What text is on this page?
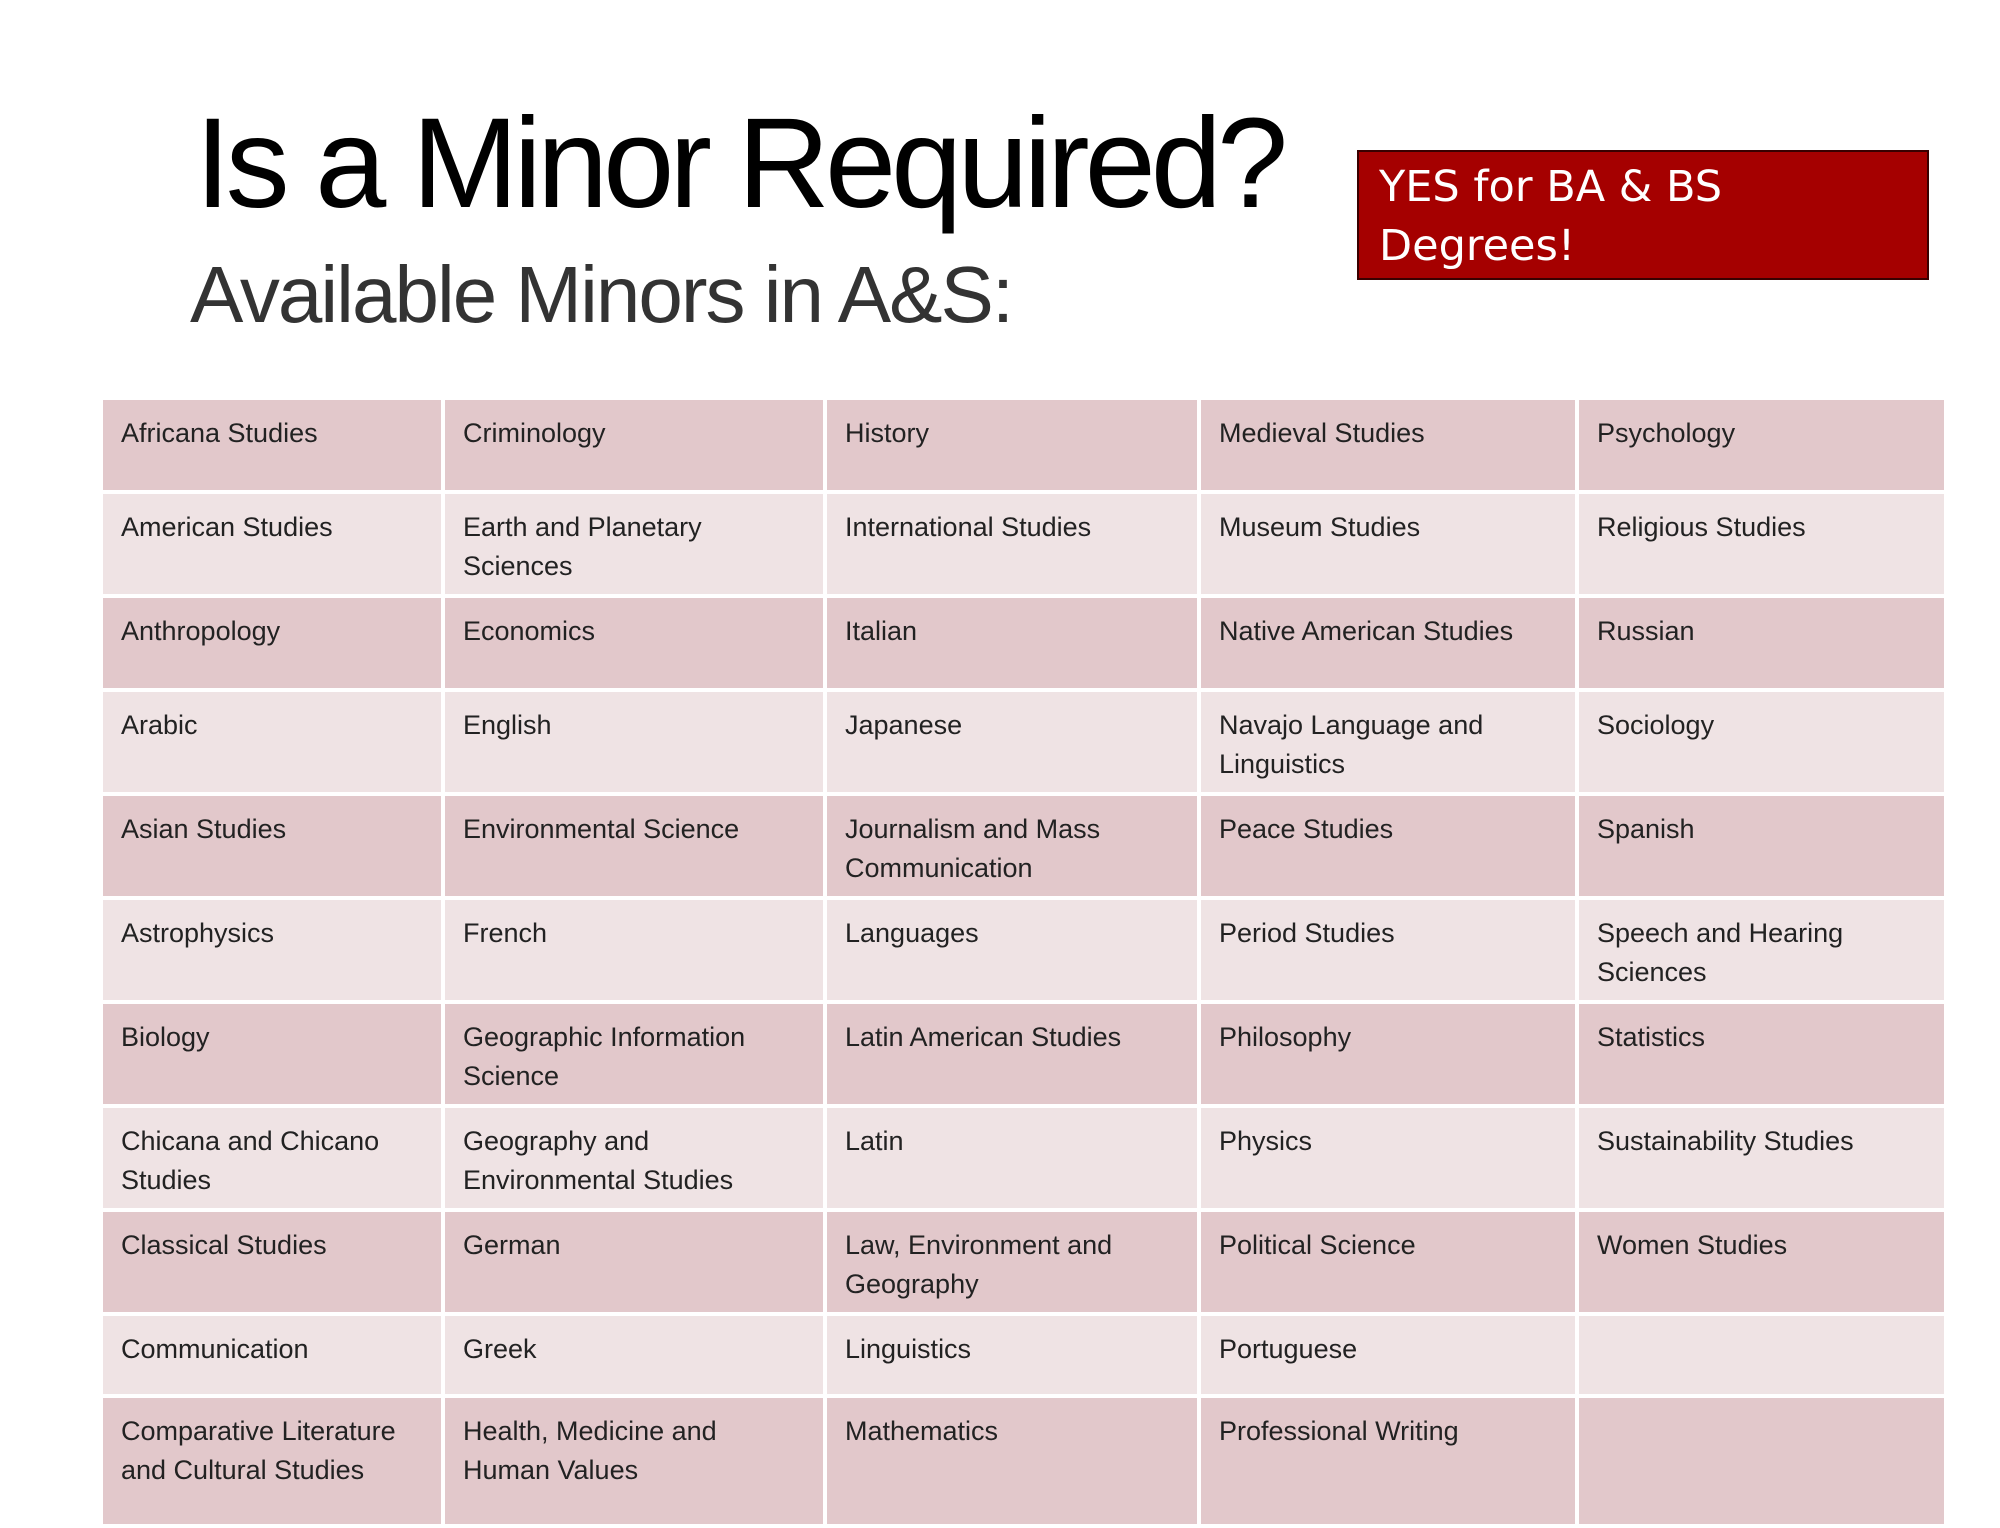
Is a Minor Required?
Available Minors in A&S:
YES for BA & BS Degrees!
Africana Studies	Criminology	History	Medieval Studies	Psychology
American Studies	Earth and Planetary Sciences	International Studies	Museum Studies	Religious Studies
Anthropology	Economics	Italian	Native American Studies	Russian
Arabic	English	Japanese	Navajo Language and Linguistics	Sociology
Asian Studies	Environmental Science	Journalism and Mass Communication	Peace Studies	Spanish
Astrophysics	French	Languages	Period Studies	Speech and Hearing Sciences
Biology	Geographic Information Science	Latin American Studies	Philosophy	Statistics
Chicana and Chicano Studies	Geography and Environmental Studies	Latin	Physics	Sustainability Studies
Classical Studies	German	Law, Environment and Geography	Political Science	Women Studies
Communication	Greek	Linguistics	Portuguese	
Comparative Literature and Cultural Studies	Health, Medicine and Human Values	Mathematics	Professional Writing	
